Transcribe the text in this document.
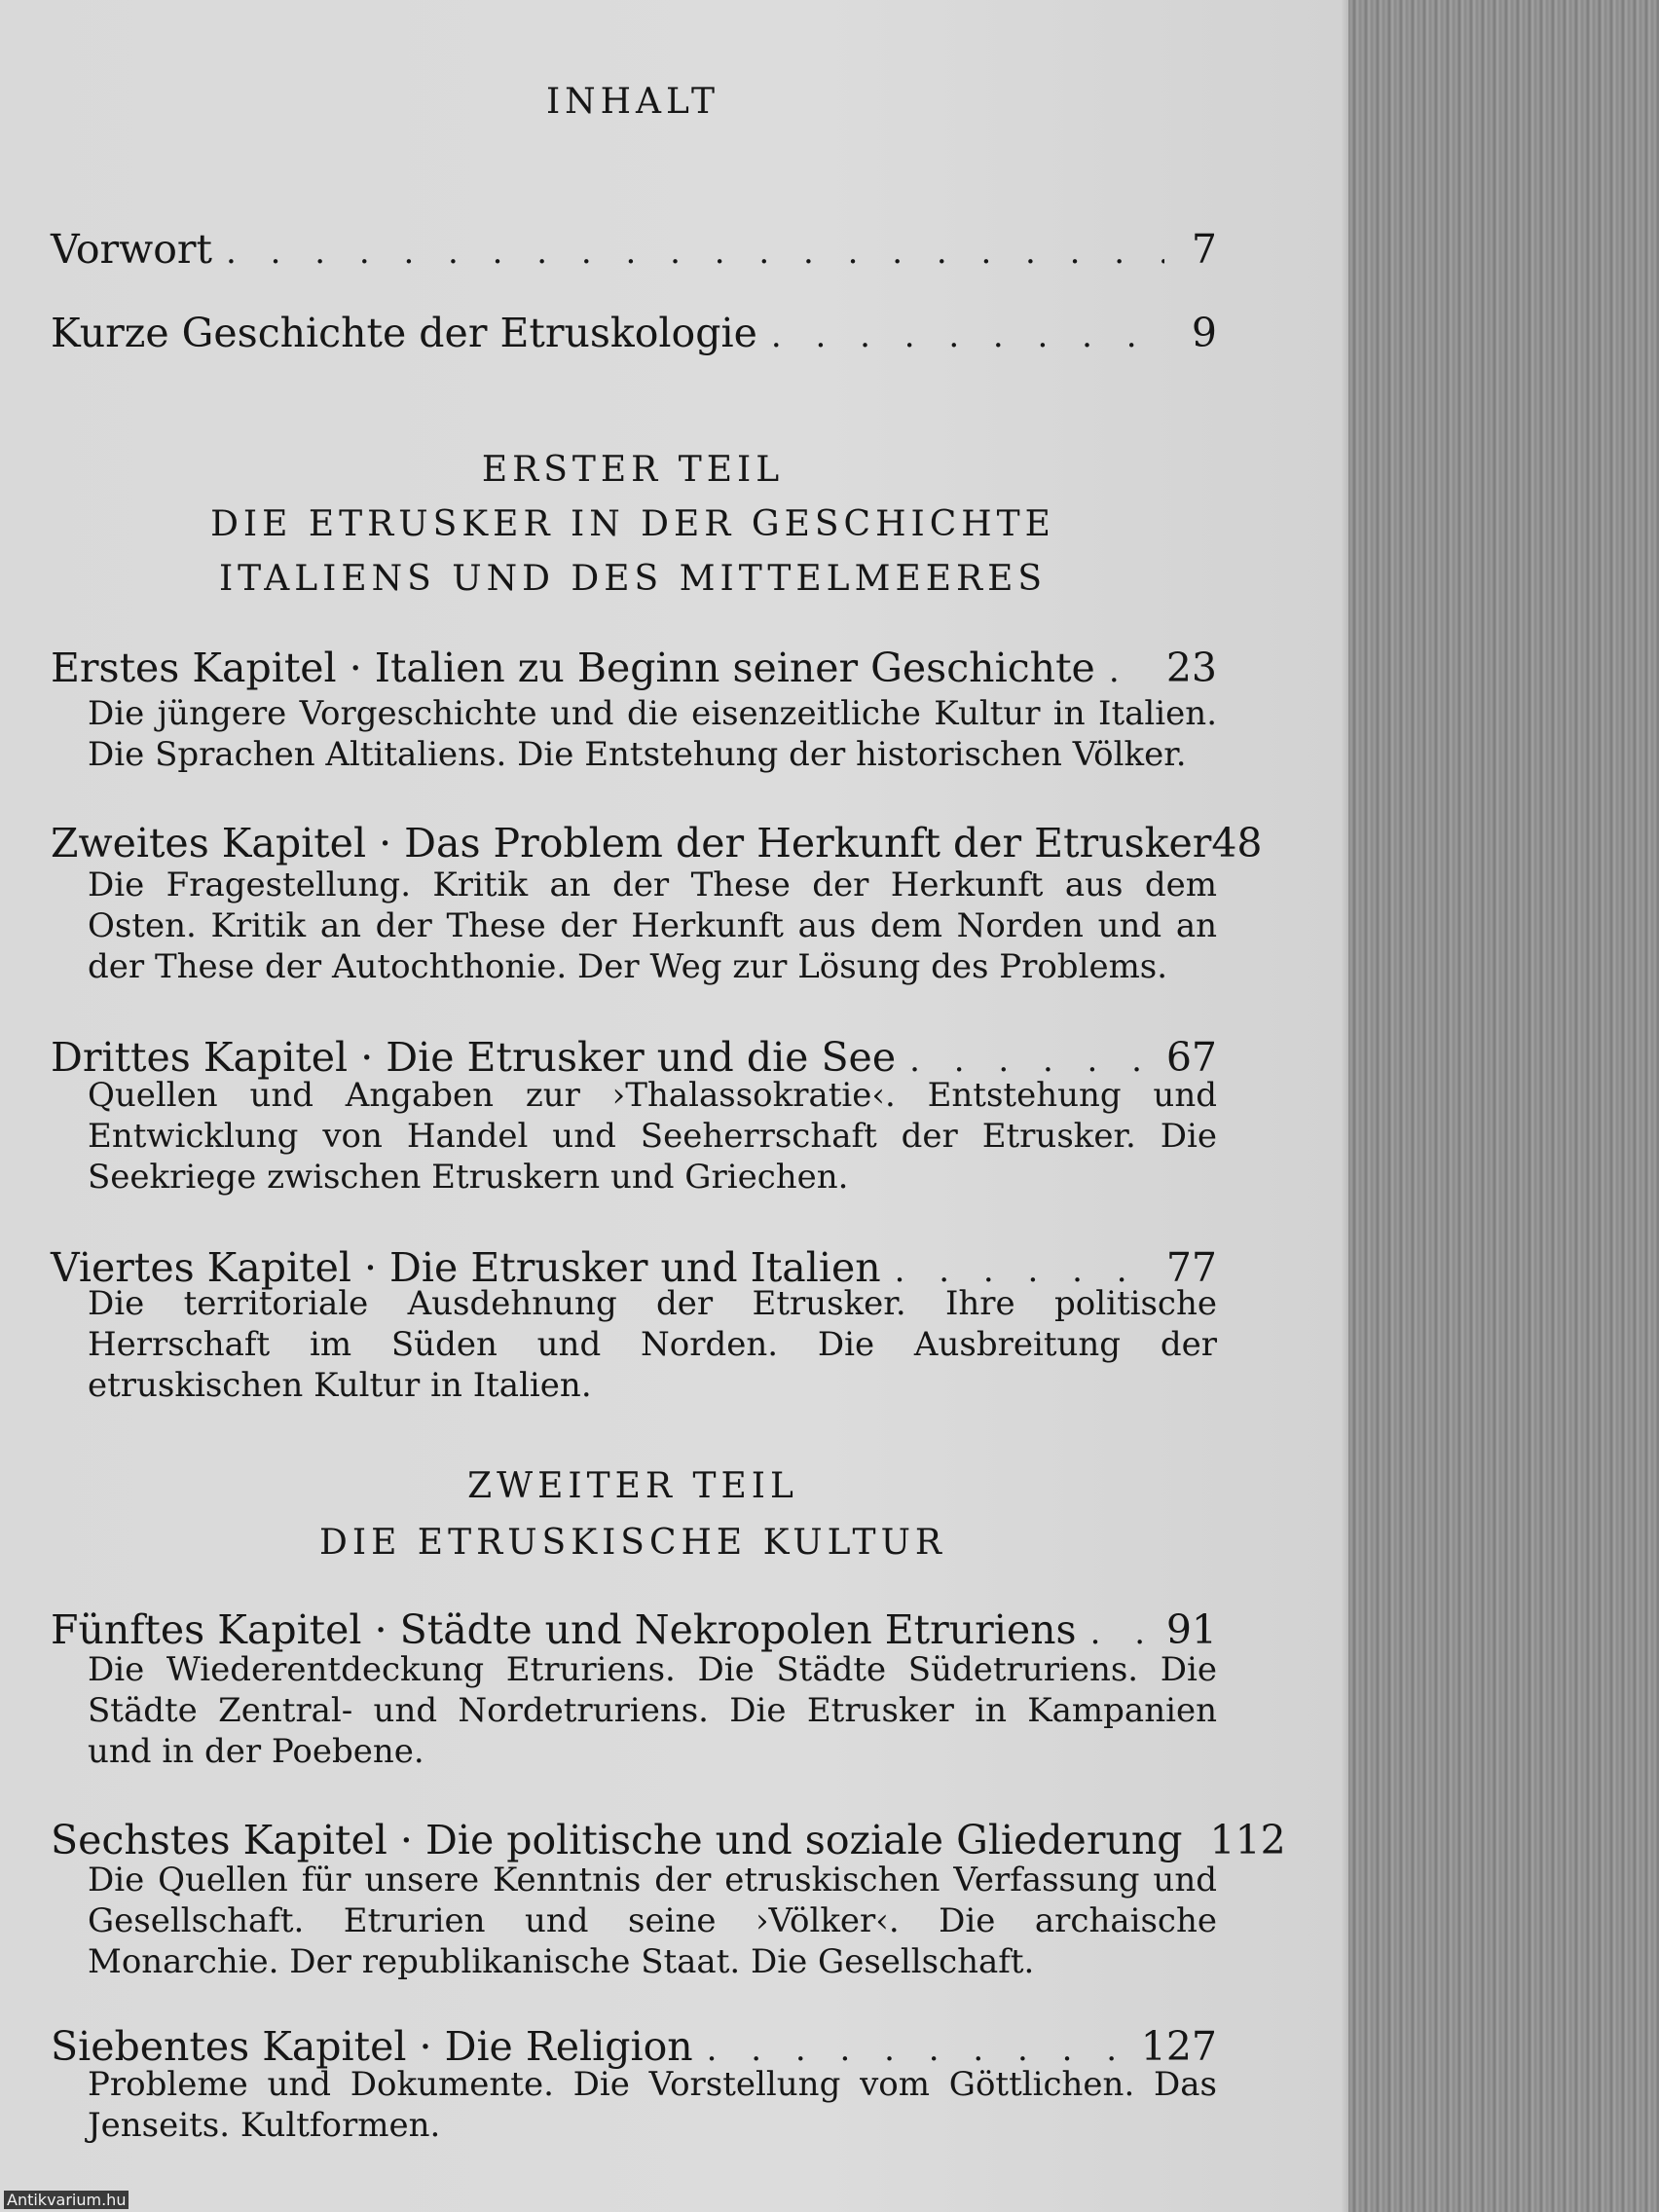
INHALT
Vorwort . . .	7
Kurze Geschichte der Etruskologie . . .	9
ERSTER TEIL
DIE ETRUSKER IN DER GESCHICHTE
ITALIENS UND DES MITTELMEERES
Erstes Kapitel · Italien zu Beginn seiner Geschichte . . . 23
Die jüngere Vorgeschichte und die eisenzeitliche Kultur in Italien. Die Sprachen Altitaliens. Die Entstehung der historischen Völker.
Zweites Kapitel · Das Problem der Herkunft der Etrusker 48
Die Fragestellung. Kritik an der These der Herkunft aus dem Osten. Kritik an der These der Herkunft aus dem Norden und an der These der Autochthonie. Der Weg zur Lösung des Problems.
Drittes Kapitel · Die Etrusker und die See . . .	67
Quellen und Angaben zur ›Thalassokratie‹. Entstehung und Entwicklung von Handel und Seeherrschaft der Etrusker. Die Seekriege zwischen Etruskern und Griechen.
Viertes Kapitel · Die Etrusker und Italien . . .	77
Die territoriale Ausdehnung der Etrusker. Ihre politische Herrschaft im Süden und Norden. Die Ausbreitung der etruskischen Kultur in Italien.
ZWEITER TEIL
DIE ETRUSKISCHE KULTUR
Fünftes Kapitel · Städte und Nekropolen Etruriens . . . 91
Die Wiederentdeckung Etruriens. Die Städte Südetruriens. Die Städte Zentral- und Nordetruriens. Die Etrusker in Kampanien und in der Poebene.
Sechstes Kapitel · Die politische und soziale Gliederung 112
Die Quellen für unsere Kenntnis der etruskischen Verfassung und Gesellschaft. Etrurien und seine ›Völker‹. Die archaische Monarchie. Der republikanische Staat. Die Gesellschaft.
Siebentes Kapitel · Die Religion . . .	127
Probleme und Dokumente. Die Vorstellung vom Göttlichen. Das Jenseits. Kultformen.
Antikvarium.hu
